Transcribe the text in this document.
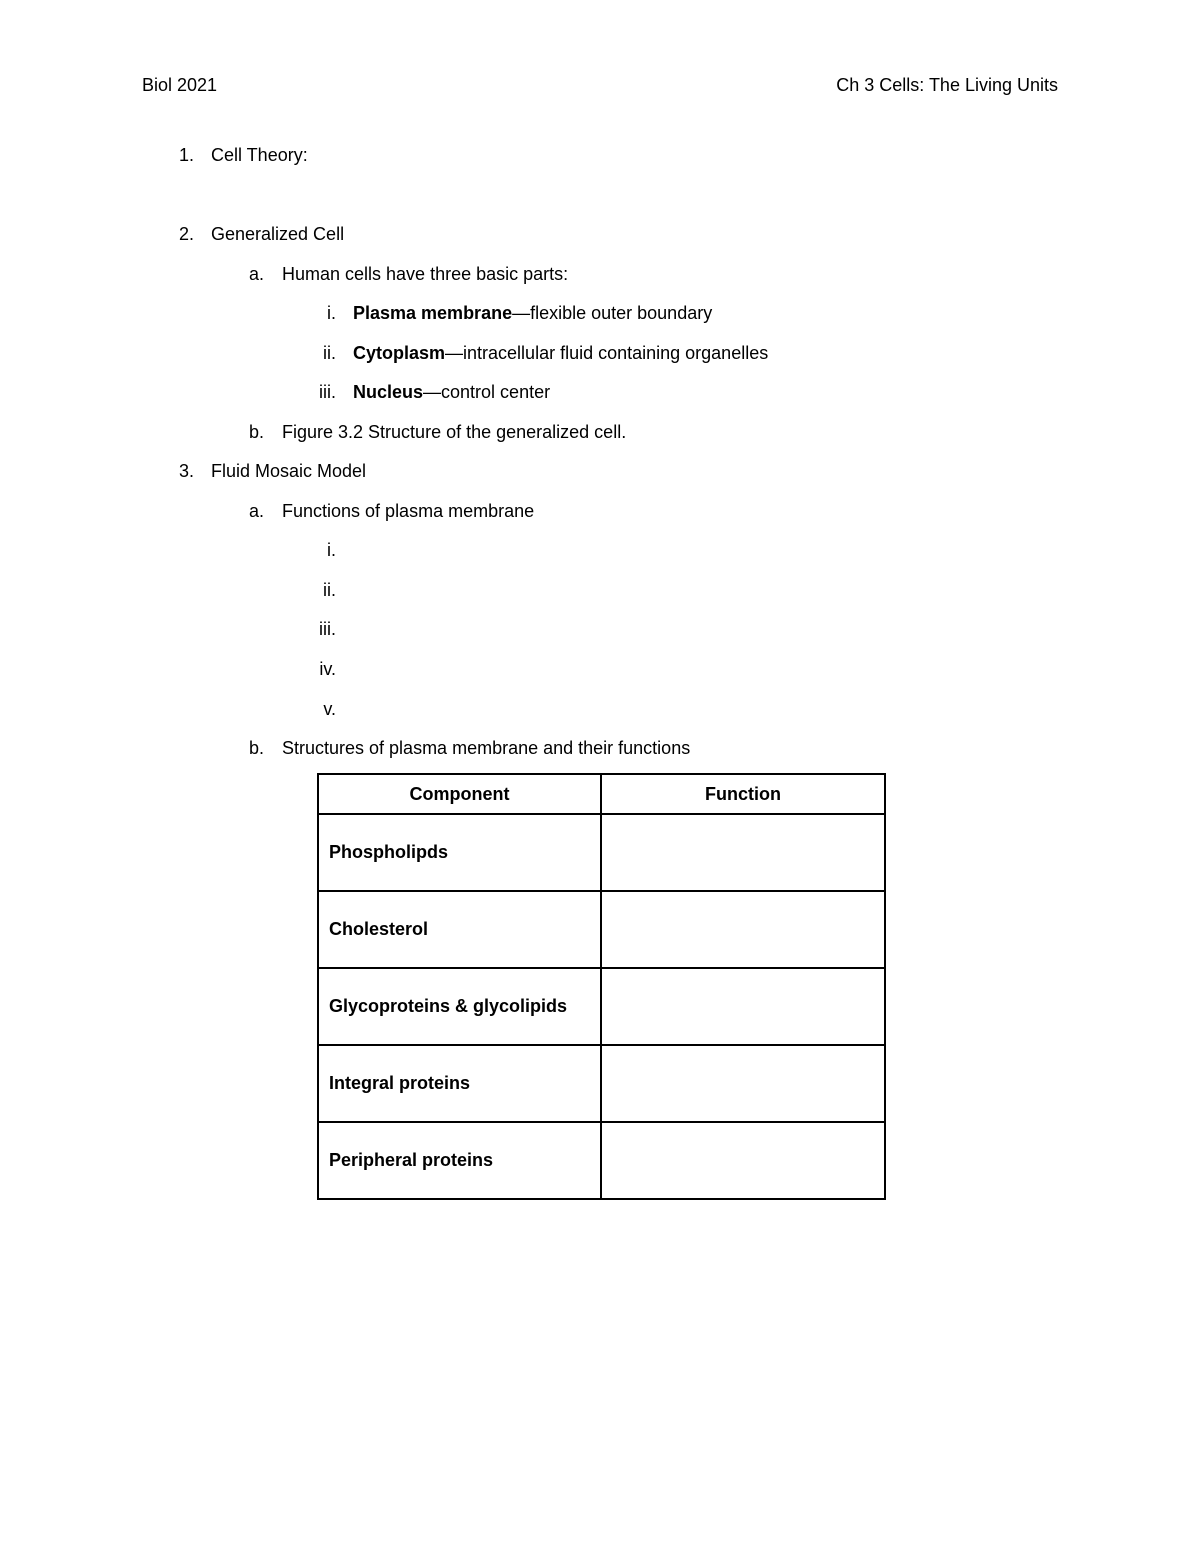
Biol 2021	Ch 3 Cells: The Living Units
1. Cell Theory:
2. Generalized Cell
a. Human cells have three basic parts:
i. Plasma membrane—flexible outer boundary
ii. Cytoplasm—intracellular fluid containing organelles
iii. Nucleus—control center
b. Figure 3.2 Structure of the generalized cell.
3. Fluid Mosaic Model
a. Functions of plasma membrane
i.
ii.
iii.
iv.
v.
b. Structures of plasma membrane and their functions
Component	Function
Phospholipds	
Cholesterol	
Glycoproteins & glycolipids	
Integral proteins	
Peripheral proteins	
